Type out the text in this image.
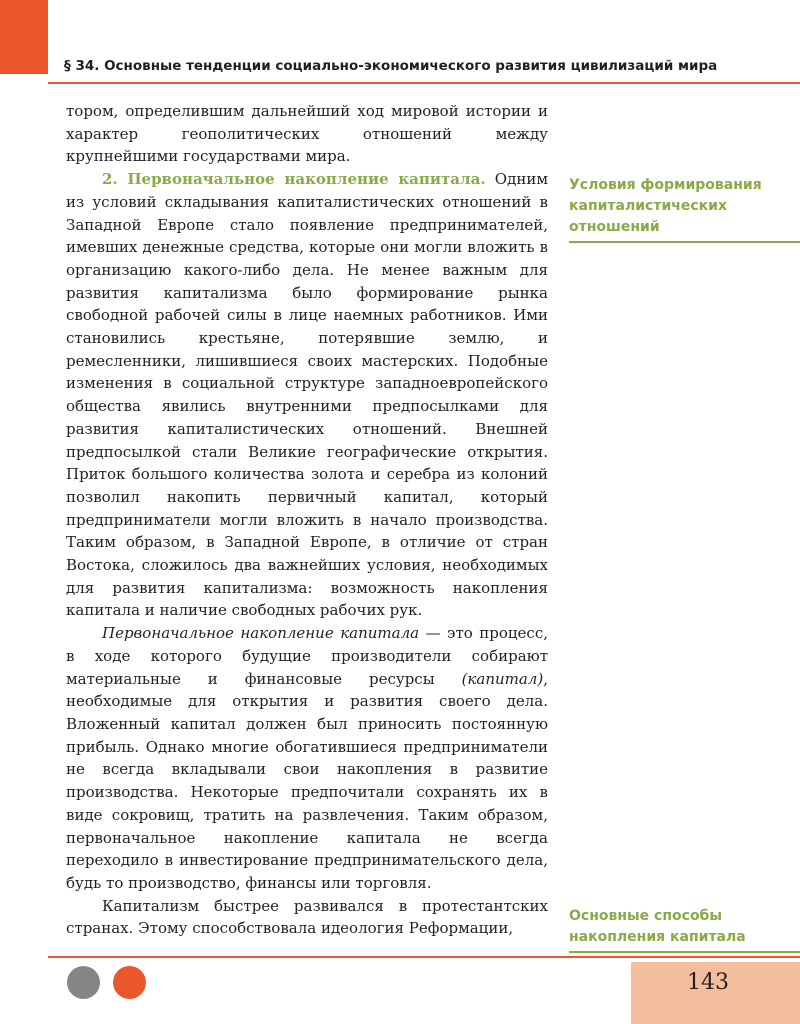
§ 34. Основные тенденции социально-экономического развития цивилизаций мира

тором, определившим дальнейший ход мировой истории и характер геополитических отношений между крупнейшими государствами мира.

2. Первоначальное накопление капитала. Одним из условий складывания капиталистических отношений в Западной Европе стало появление предпринимателей, имевших денежные средства, которые они могли вложить в организацию какого-либо дела. Не менее важным для развития капитализма было формирование рынка свободной рабочей силы в лице наемных работников. Ими становились крестьяне, потерявшие землю, и ремесленники, лишившиеся своих мастерских. Подобные изменения в социальной структуре западноевропейского общества явились внутренними предпосылками для развития капиталистических отношений. Внешней предпосылкой стали Великие географические открытия. Приток большого количества золота и серебра из колоний позволил накопить первичный капитал, который предприниматели могли вложить в начало производства. Таким образом, в Западной Европе, в отличие от стран Востока, сложилось два важнейших условия, необходимых для развития капитализма: возможность накопления капитала и наличие свободных рабочих рук.

Первоначальное накопление капитала — это процесс, в ходе которого будущие производители собирают материальные и финансовые ресурсы (капитал), необходимые для открытия и развития своего дела. Вложенный капитал должен был приносить постоянную прибыль. Однако многие обогатившиеся предприниматели не всегда вкладывали свои накопления в развитие производства. Некоторые предпочитали сохранять их в виде сокровищ, тратить на развлечения. Таким образом, первоначальное накопление капитала не всегда переходило в инвестирование предпринимательского дела, будь то производство, финансы или торговля.

Капитализм быстрее развивался в протестантских странах. Этому способствовала идеология Реформации,

Условия формирования капиталистических отношений
Основные способы накопления капитала
143
